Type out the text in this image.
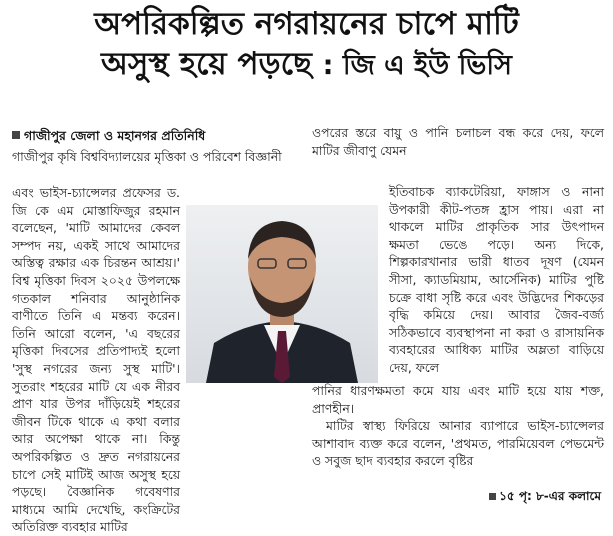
অপরিকল্পিত নগরায়নের চাপে মাটি
অসুস্থ হয়ে পড়ছে : জি এ ইউ ভিসি
গাজীপুর জেলা ও মহানগর প্রতিনিধি

গাজীপুর কৃষি বিশ্ববিদ্যালয়ের মৃত্তিকা ও পরিবেশ বিজ্ঞানী

এবং ভাইস-চ্যান্সেলর প্রফেসর ড. জি কে এম মোস্তাফিজুর রহমান বলেছেন, 'মাটি আমাদের কেবল সম্পদ নয়, একই সাথে আমাদের অস্তিত্ব রক্ষার এক চিরন্তন আশ্রয়।' বিশ্ব মৃত্তিকা দিবস ২০২৫ উপলক্ষে গতকাল শনিবার আনুষ্ঠানিক বাণীতে তিনি এ মন্তব্য করেন। তিনি আরো বলেন, 'এ বছরের মৃত্তিকা দিবসের প্রতিপাদ্যই হলো 'সুস্থ নগরের জন্য সুস্থ মাটি'। সুতরাং শহরের মাটি যে এক নীরব প্রাণ যার উপর দাঁড়িয়েই শহরের জীবন টিকে থাকে এ কথা বলার আর অপেক্ষা থাকে না। কিন্তু অপরিকল্পিত ও দ্রুত নগরায়নের চাপে সেই মাটিই আজ অসুস্থ হয়ে পড়ছে। বৈজ্ঞানিক গবেষণার মাধ্যমে আমি দেখেছি, কংক্রিটের অতিরিক্ত ব্যবহার মাটির

ওপরের স্তরে বায়ু ও পানি চলাচল বন্ধ করে দেয়, ফলে মাটির জীবাণু যেমন

ইতিবাচক ব্যাকটেরিয়া, ফাঙ্গাস ও নানা উপকারী কীট-পতঙ্গ হ্রাস পায়। এরা না থাকলে মাটির প্রাকৃতিক সার উৎপাদন ক্ষমতা ভেঙে পড়ে। অন্য দিকে, শিল্পকারখানার ভারী ধাতব দূষণ (যেমন সীসা, ক্যাডমিয়াম, আর্সেনিক) মাটির পুষ্টি চক্রে বাধা সৃষ্টি করে এবং উদ্ভিদের শিকড়ের বৃদ্ধি কমিয়ে দেয়। আবার জৈব-বর্জ্য সঠিকভাবে ব্যবস্থাপনা না করা ও রাসায়নিক ব্যবহারের আধিক্য মাটির অম্লতা বাড়িয়ে দেয়, ফলে

পানির ধারণক্ষমতা কমে যায় এবং মাটি হয়ে যায় শক্ত, প্রাণহীন।

মাটির স্বাস্থ্য ফিরিয়ে আনার ব্যাপারে ভাইস-চ্যান্সেলর আশাবাদ ব্যক্ত করে বলেন, 'প্রথমত, পারমিয়েবল পেভমেন্ট ও সবুজ ছাদ ব্যবহার করলে বৃষ্টির

১৫ পৃ: ৮-এর কলামে
